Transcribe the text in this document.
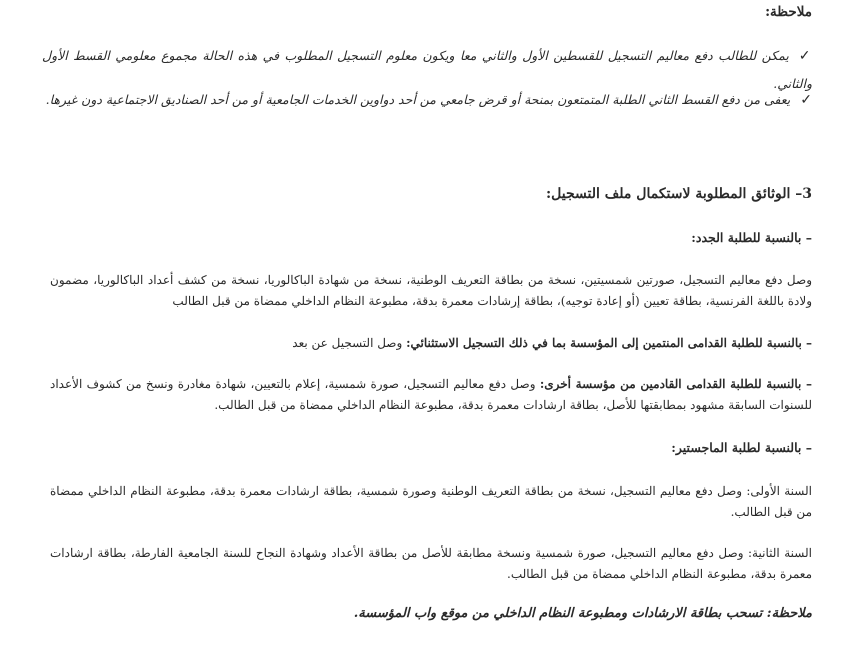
ملاحظة:
✓يمكن للطالب دفع معاليم التسجيل للقسطين الأول والثاني معا ويكون معلوم التسجيل المطلوب في هذه الحالة مجموع معلومي القسط الأول والثاني.
✓يعفى من دفع القسط الثاني الطلبة المتمتعون بمنحة أو قرض جامعي من أحد دواوين الخدمات الجامعية أو من أحد الصناديق الاجتماعية دون غيرها.
3– الوثائق المطلوبة لاستكمال ملف التسجيل:
– بالنسبة للطلبة الجدد:
وصل دفع معاليم التسجيل، صورتين شمسيتين، نسخة من بطاقة التعريف الوطنية، نسخة من شهادة الباكالوريا، نسخة من كشف أعداد الباكالوريا، مضمون ولادة باللغة الفرنسية، بطاقة تعيين (أو إعادة توجيه)، بطاقة إرشادات معمرة بدقة، مطبوعة النظام الداخلي ممضاة من قبل الطالب
– بالنسبة للطلبة القدامى المنتمين إلى المؤسسة بما في ذلك التسجيل الاستثنائي: وصل التسجيل عن بعد
– بالنسبة للطلبة القدامى القادمين من مؤسسة أخرى: وصل دفع معاليم التسجيل، صورة شمسية، إعلام بالتعيين، شهادة مغادرة ونسخ من كشوف الأعداد للسنوات السابقة مشهود بمطابقتها للأصل، بطاقة ارشادات معمرة بدقة، مطبوعة النظام الداخلي ممضاة من قبل الطالب.
– بالنسبة لطلبة الماجستير:
السنة الأولى: وصل دفع معاليم التسجيل، نسخة من بطاقة التعريف الوطنية وصورة شمسية، بطاقة ارشادات معمرة بدقة، مطبوعة النظام الداخلي ممضاة من قبل الطالب.
السنة الثانية: وصل دفع معاليم التسجيل، صورة شمسية ونسخة مطابقة للأصل من بطاقة الأعداد وشهادة النجاح للسنة الجامعية الفارطة، بطاقة ارشادات معمرة بدقة، مطبوعة النظام الداخلي ممضاة من قبل الطالب.
ملاحظة: تسحب بطاقة الارشادات ومطبوعة النظام الداخلي من موقع واب المؤسسة.
